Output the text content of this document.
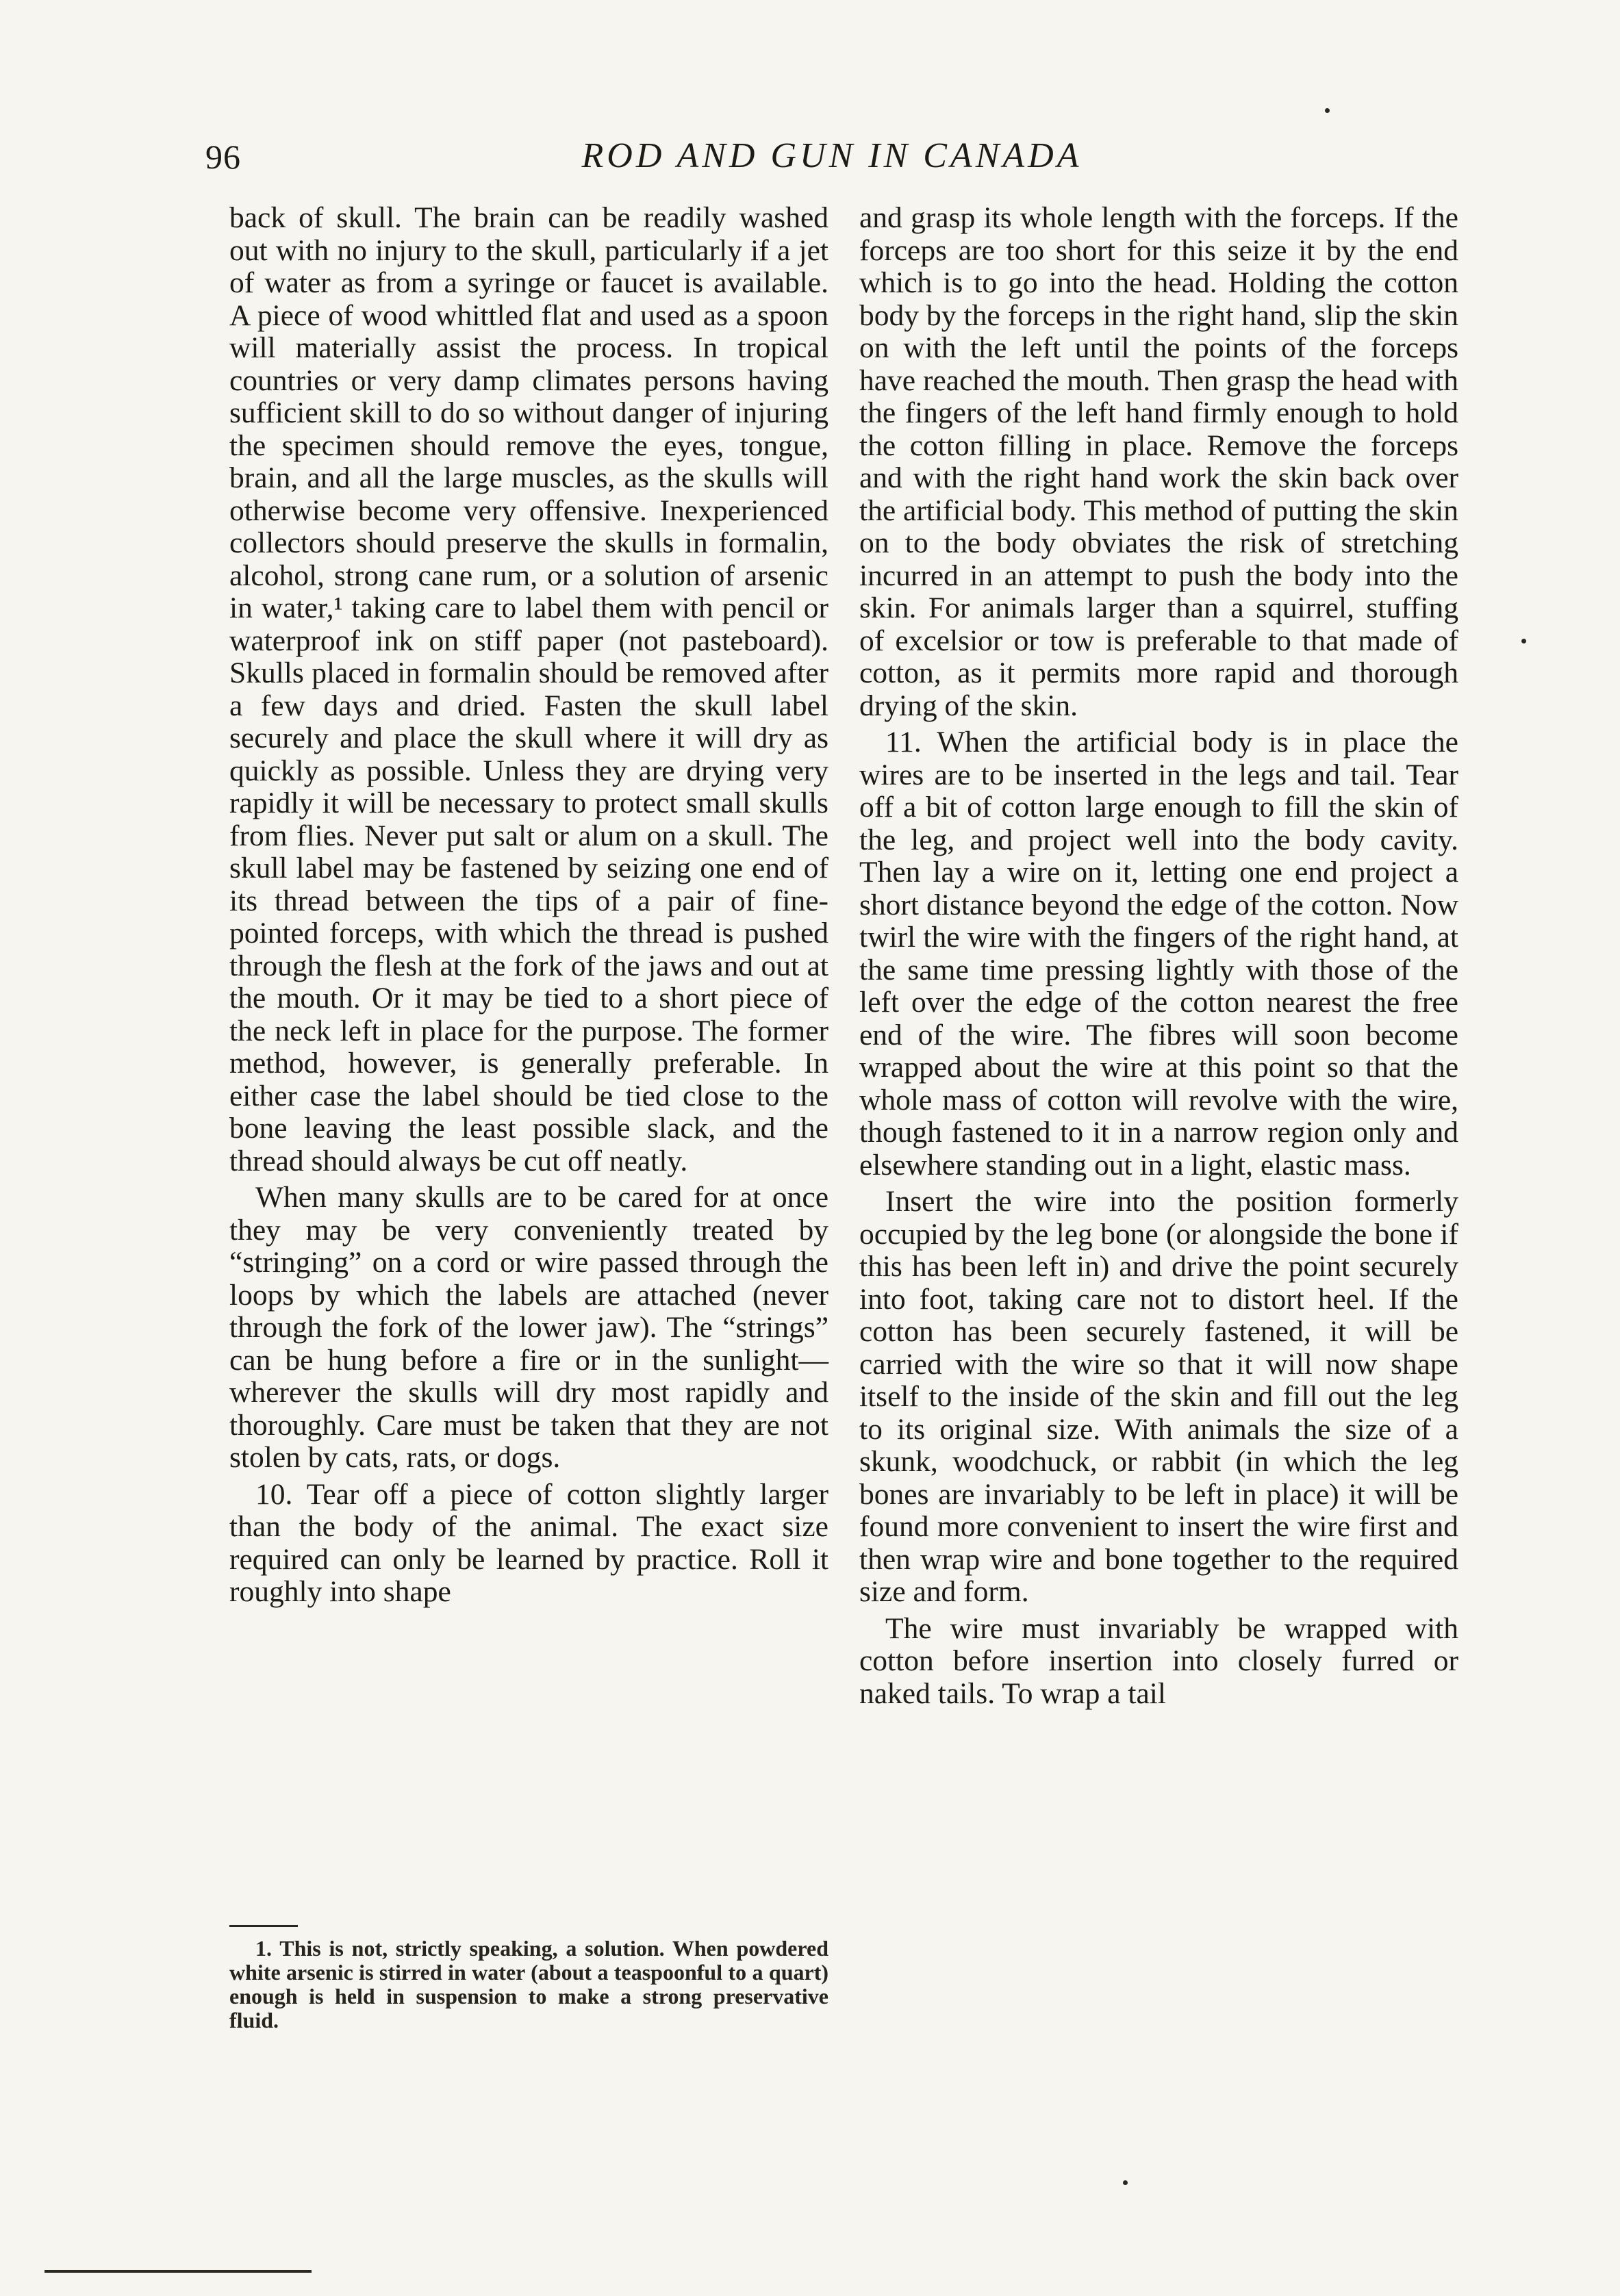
96	ROD AND GUN IN CANADA

back of skull. The brain can be readily washed out with no injury to the skull, particularly if a jet of water as from a syringe or faucet is available. A piece of wood whittled flat and used as a spoon will materially assist the process. In tropical countries or very damp climates persons having sufficient skill to do so without danger of injuring the specimen should remove the eyes, tongue, brain, and all the large muscles, as the skulls will otherwise become very offensive. Inexperienced collectors should preserve the skulls in formalin, alcohol, strong cane rum, or a solution of arsenic in water,¹ taking care to label them with pencil or waterproof ink on stiff paper (not pasteboard). Skulls placed in formalin should be removed after a few days and dried. Fasten the skull label securely and place the skull where it will dry as quickly as possible. Unless they are drying very rapidly it will be necessary to protect small skulls from flies. Never put salt or alum on a skull. The skull label may be fastened by seizing one end of its thread between the tips of a pair of fine-pointed forceps, with which the thread is pushed through the flesh at the fork of the jaws and out at the mouth. Or it may be tied to a short piece of the neck left in place for the purpose. The former method, however, is generally preferable. In either case the label should be tied close to the bone leaving the least possible slack, and the thread should always be cut off neatly.

When many skulls are to be cared for at once they may be very conveniently treated by “stringing” on a cord or wire passed through the loops by which the labels are attached (never through the fork of the lower jaw). The “strings” can be hung before a fire or in the sunlight—wherever the skulls will dry most rapidly and thoroughly. Care must be taken that they are not stolen by cats, rats, or dogs.

10. Tear off a piece of cotton slightly larger than the body of the animal. The exact size required can only be learned by practice. Roll it roughly into shape

1. This is not, strictly speaking, a solution. When powdered white arsenic is stirred in water (about a teaspoonful to a quart) enough is held in suspension to make a strong preservative fluid.

and grasp its whole length with the forceps. If the forceps are too short for this seize it by the end which is to go into the head. Holding the cotton body by the forceps in the right hand, slip the skin on with the left until the points of the forceps have reached the mouth. Then grasp the head with the fingers of the left hand firmly enough to hold the cotton filling in place. Remove the forceps and with the right hand work the skin back over the artificial body. This method of putting the skin on to the body obviates the risk of stretching incurred in an attempt to push the body into the skin. For animals larger than a squirrel, stuffing of excelsior or tow is preferable to that made of cotton, as it permits more rapid and thorough drying of the skin.

11. When the artificial body is in place the wires are to be inserted in the legs and tail. Tear off a bit of cotton large enough to fill the skin of the leg, and project well into the body cavity. Then lay a wire on it, letting one end project a short distance beyond the edge of the cotton. Now twirl the wire with the fingers of the right hand, at the same time pressing lightly with those of the left over the edge of the cotton nearest the free end of the wire. The fibres will soon become wrapped about the wire at this point so that the whole mass of cotton will revolve with the wire, though fastened to it in a narrow region only and elsewhere standing out in a light, elastic mass.

Insert the wire into the position formerly occupied by the leg bone (or alongside the bone if this has been left in) and drive the point securely into foot, taking care not to distort heel. If the cotton has been securely fastened, it will be carried with the wire so that it will now shape itself to the inside of the skin and fill out the leg to its original size. With animals the size of a skunk, woodchuck, or rabbit (in which the leg bones are invariably to be left in place) it will be found more convenient to insert the wire first and then wrap wire and bone together to the required size and form.

The wire must invariably be wrapped with cotton before insertion into closely furred or naked tails. To wrap a tail
